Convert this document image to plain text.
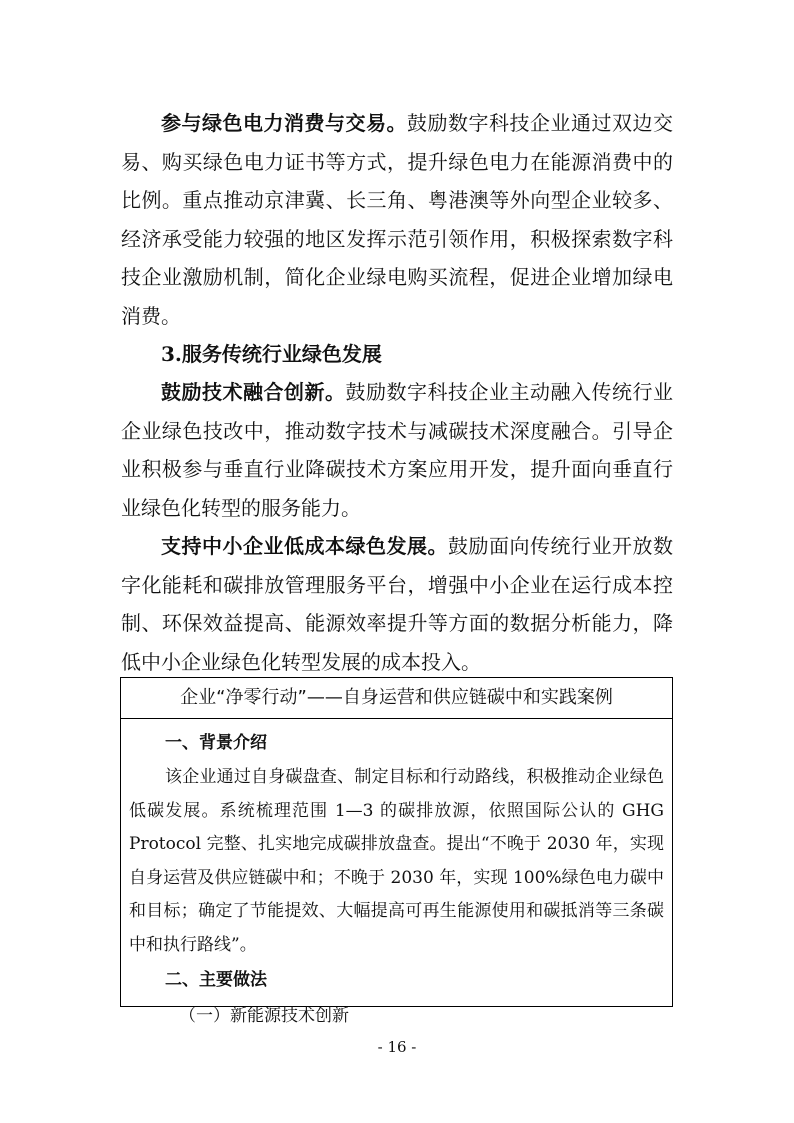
参与绿色电力消费与交易。鼓励数字科技企业通过双边交易、购买绿色电力证书等方式，提升绿色电力在能源消费中的比例。重点推动京津冀、长三角、粤港澳等外向型企业较多、经济承受能力较强的地区发挥示范引领作用，积极探索数字科技企业激励机制，简化企业绿电购买流程，促进企业增加绿电消费。

3.服务传统行业绿色发展

鼓励技术融合创新。鼓励数字科技企业主动融入传统行业企业绿色技改中，推动数字技术与减碳技术深度融合。引导企业积极参与垂直行业降碳技术方案应用开发，提升面向垂直行业绿色化转型的服务能力。

支持中小企业低成本绿色发展。鼓励面向传统行业开放数字化能耗和碳排放管理服务平台，增强中小企业在运行成本控制、环保效益提高、能源效率提升等方面的数据分析能力，降低中小企业绿色化转型发展的成本投入。

企业“净零行动”——自身运营和供应链碳中和实践案例

一、背景介绍

该企业通过自身碳盘查、制定目标和行动路线，积极推动企业绿色低碳发展。系统梳理范围 1—3 的碳排放源，依照国际公认的 GHG Protocol 完整、扎实地完成碳排放盘查。提出“不晚于 2030 年，实现自身运营及供应链碳中和；不晚于 2030 年，实现 100%绿色电力碳中和目标；确定了节能提效、大幅提高可再生能源使用和碳抵消等三条碳中和执行路线”。

二、主要做法

（一）新能源技术创新

- 16 -
